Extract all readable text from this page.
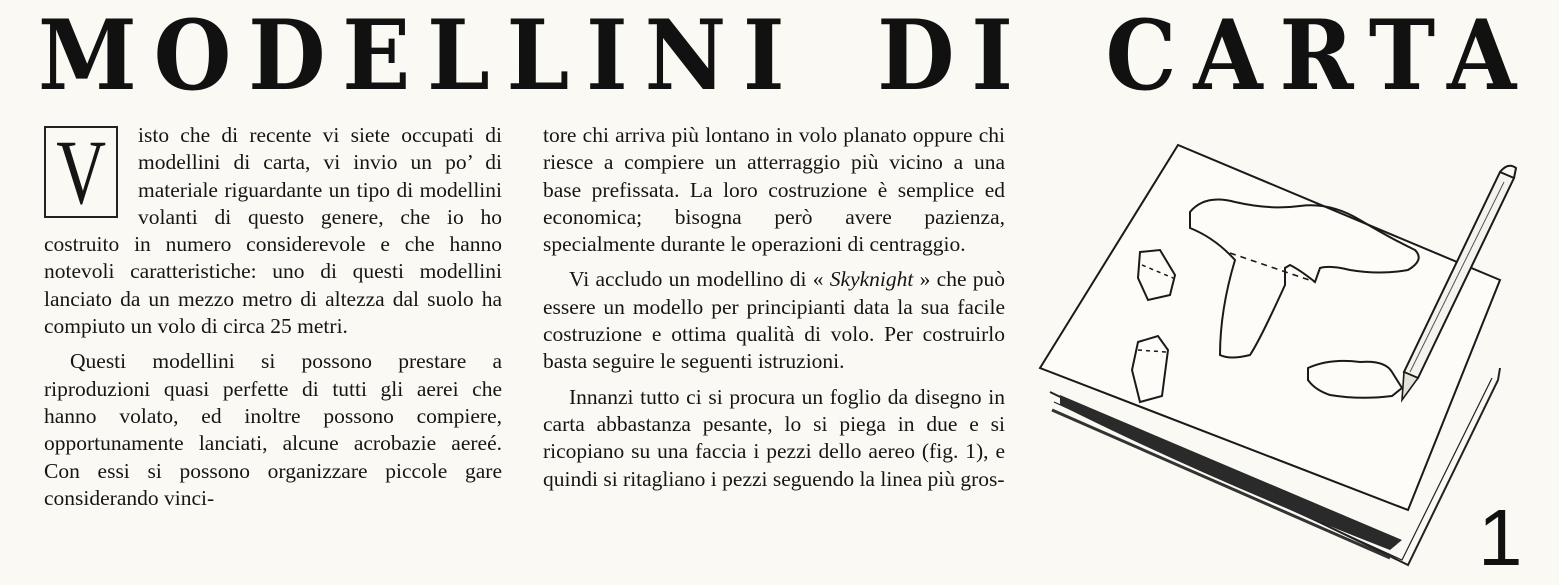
MODELLINI DI CARTA

V isto che di recente vi siete occupati di modellini di carta, vi invio un po’ di materiale riguardante un tipo di modellini volanti di questo genere, che io ho costruito in numero considerevole e che hanno notevoli caratteristiche: uno di questi modellini lanciato da un mezzo metro di altezza dal suolo ha compiuto un volo di circa 25 metri.

Questi modellini si possono prestare a riproduzioni quasi perfette di tutti gli aerei che hanno volato, ed inoltre possono compiere, opportunamente lanciati, alcune acrobazie aereé. Con essi si possono organizzare piccole gare considerando vinci-

tore chi arriva più lontano in volo planato oppure chi riesce a compiere un atterraggio più vicino a una base prefissata. La loro costruzione è semplice ed economica; bisogna però avere pazienza, specialmente durante le operazioni di centraggio.

Vi accludo un modellino di « Skyknight » che può essere un modello per principianti data la sua facile costruzione e ottima qualità di volo. Per costruirlo basta seguire le seguenti istruzioni.

Innanzi tutto ci si procura un foglio da disegno in carta abbastanza pesante, lo si piega in due e si ricopiano su una faccia i pezzi dello aereo (fig. 1), e quindi si ritagliano i pezzi seguendo la linea più gros-

1
